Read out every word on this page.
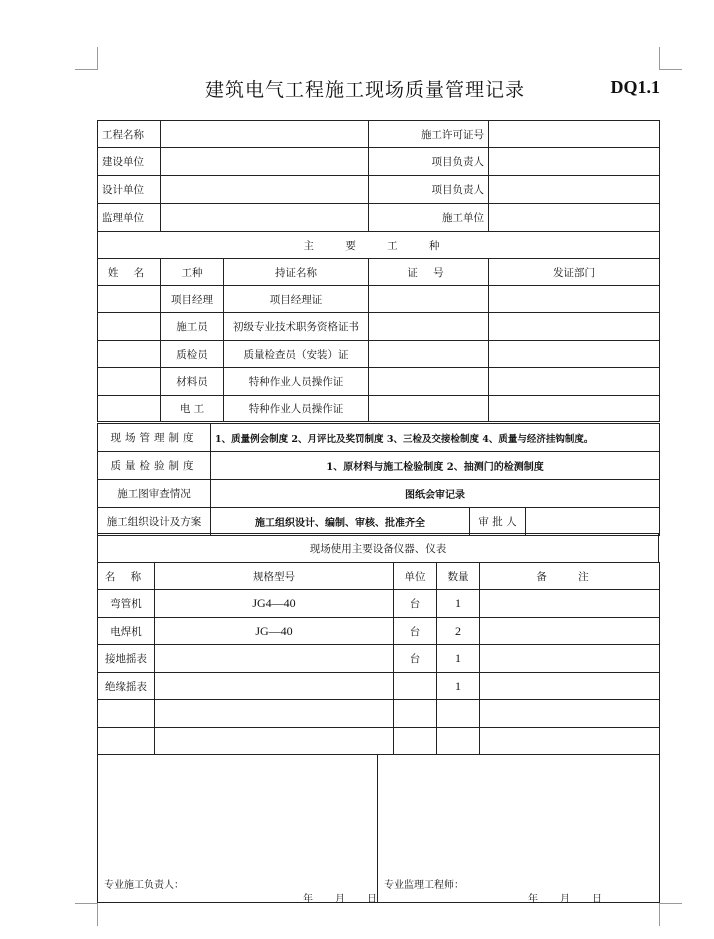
建筑电气工程施工现场质量管理记录	DQ1.1
工程名称			施工许可证号	
建设单位			项目负责人	
设计单位			项目负责人	
监理单位			施工单位	
主 要 工 种				
姓 名	工种	持证名称	证 号	发证部门
	项目经理	项目经理证		
	施工员	初级专业技术职务资格证书		
	质检员	质量检查员（安装）证		
	材料员	特种作业人员操作证		
	电 工	特种作业人员操作证		
现场管理制度	1、质量例会制度 2、月评比及奖罚制度 3、三检及交接检制度 4、质量与经济挂钩制度。		
质量检验制度	1、原材料与施工检验制度 2、抽测门的检测制度		
施工图审查情况	图纸会审记录		
施工组织设计及方案	施工组织设计、编制、审核、批准齐全	审 批 人	
现场使用主要设备仪器、仪表
名 称	规格型号	单位	数量	备 注
弯管机	JG4—40	台	1	
电焊机	JG—40	台	2	
接地摇表		台	1	
绝缘摇表			1	

专业施工负责人：
年 月 日

专业监理工程师：
年 月 日
